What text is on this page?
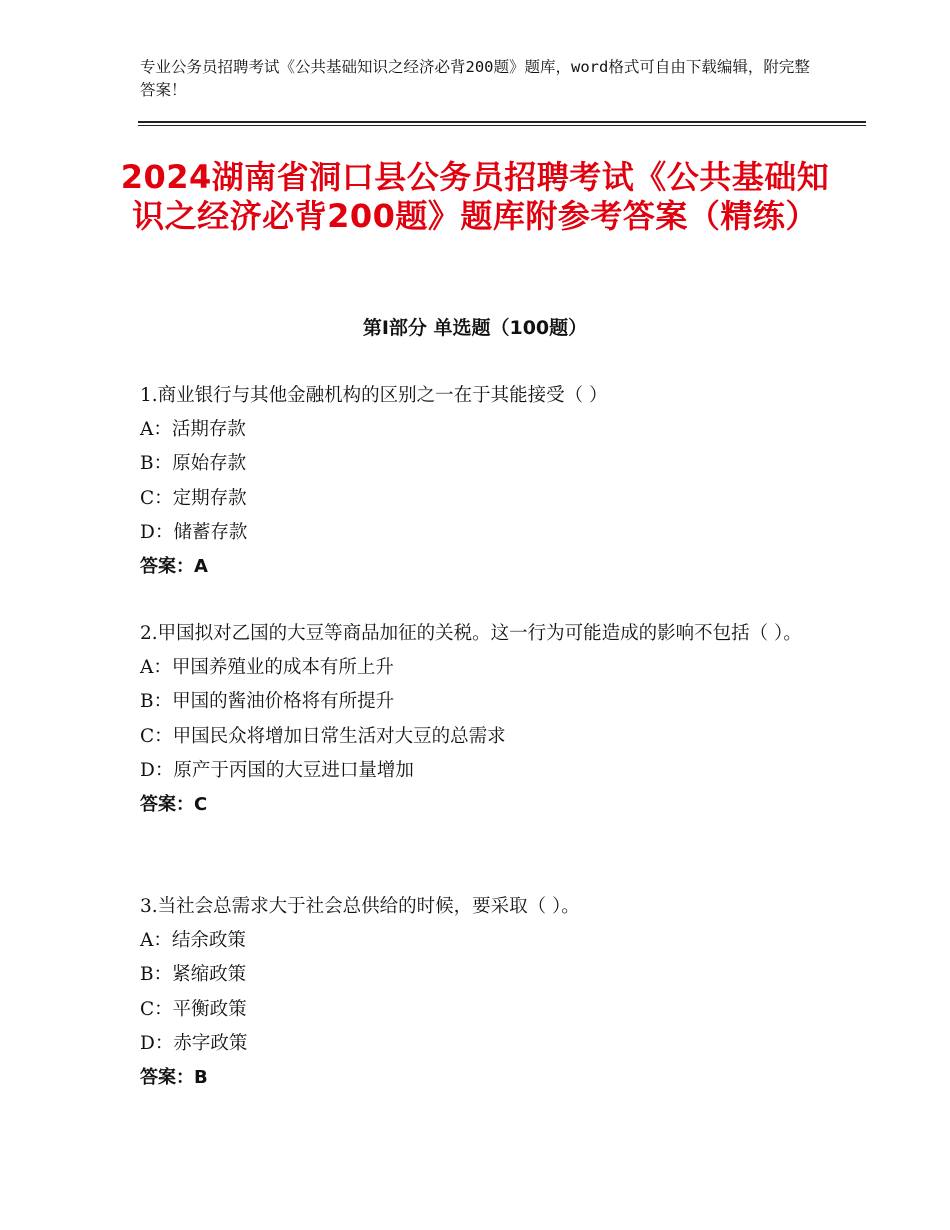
专业公务员招聘考试《公共基础知识之经济必背200题》题库，word格式可自由下载编辑，附完整答案！
2024湖南省洞口县公务员招聘考试《公共基础知识之经济必背200题》题库附参考答案（精练）
第Ⅰ部分 单选题（100题）

1.商业银行与其他金融机构的区别之一在于其能接受（ ）

A：活期存款

B：原始存款

C：定期存款

D：储蓄存款

答案：A

2.甲国拟对乙国的大豆等商品加征的关税。这一行为可能造成的影响不包括（ ）。

A：甲国养殖业的成本有所上升

B：甲国的酱油价格将有所提升

C：甲国民众将增加日常生活对大豆的总需求

D：原产于丙国的大豆进口量增加

答案：C

3.当社会总需求大于社会总供给的时候，要采取（ ）。

A：结余政策

B：紧缩政策

C：平衡政策

D：赤字政策

答案：B
